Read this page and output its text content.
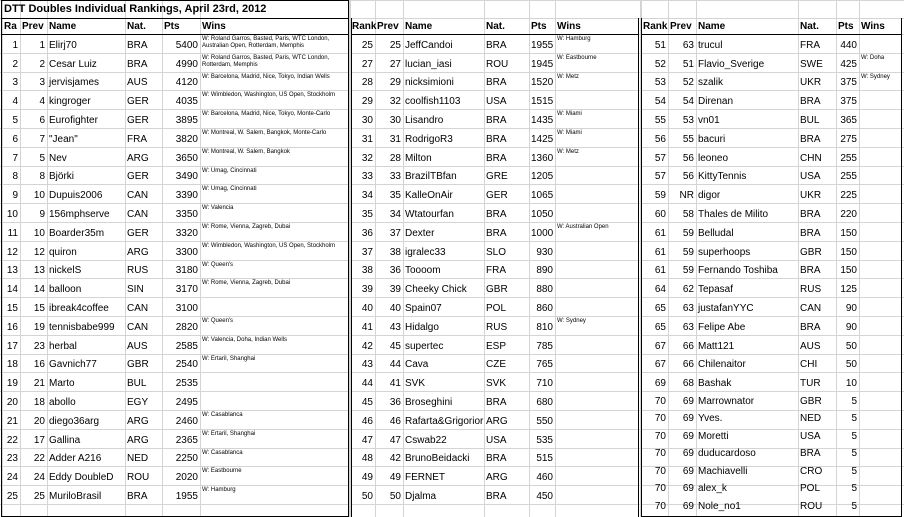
DTT Doubles Individual Rankings, April 23rd, 2012
Ra Prev Name	Nat.	Pts	Wins
1	1 Elirj70	BRA	5400
W: Roland Garros, Basted, Paris, WTC London, Australian Open, Rotterdam, Memphis
2	2 Cesar Luiz	BRA	4990
W: Roland Garros, Basted, Paris, WTC London, Rotterdam, Memphis
3	3 jervisjames	AUS	4120 W: Barcelona, Madrid, Nice, Tokyo, Indian Wells
4	4 kingroger	GER	4035
W: Wimbledon, Washington, US Open, Stockholm
5	6 Eurofighter	GER	3895
W: Barcelona, Madrid, Nice, Tokyo, Monte-Carlo
6	7 "Jean"	FRA	3820
W: Montreal, W. Salem, Bangkok, Monte-Carlo
7	5 Nev	ARG	3650
W: Montreal, W. Salem, Bangkok
8	8 Björki	GER	3490 W: Umag, Cincinnati
9	10 Dupuis2006	CAN	3390
W: Umag, Cincinnati
10	9 156mphserve	CAN	3350
W: Valencia
11	10 Boarder35m	GER	3320
W: Rome, Vienna, Zagreb, Dubai
12	12 quiron	ARG	3300
W: Wimbledon, Washington, US Open, Stockholm
13	13 nickelS	RUS	3180 W: Queen's
14	14 balloon	SIN	3170
W: Rome, Vienna, Zagreb, Dubai
15	15 ibreak4coffee	CAN	3100
16	19 tennisbabe999	CAN	2820
W: Queen's
17	23 herbal	AUS	2585
W: Valencia, Doha, Indian Wells
18	16 Gavnich77	GBR	2540 W: Ertaril, Shanghai
19	21 Marto	BUL	2535
20	18 abollo	EGY	2495
21	20 diego36arg	ARG	2460
W: Casablanca
22	17 Gallina	ARG	2365
W: Ertaril, Shanghai
23	22 Adder A216	NED	2250 W: Casablanca
24	24 Eddy DoubleD	ROU	2020
W: Eastbourne
25	25 MuriloBrasil	BRA	1955
W: Hamburg
Rank Prev Name	Nat.	Pts	Wins
25	25 JeffCandoi	BRA	1955
W: Hamburg
27	27 lucian_iasi	ROU	1945
W: Eastbourne
28	29 nicksimioni	BRA	1520 W: Metz
29	32 coolfish1103	USA	1515
30	30 Lisandro	BRA	1435
W: Miami
31	31 RodrigoR3	BRA	1425
W: Miami
32	28 Milton	BRA	1360
W: Metz
33	33 BrazilTBfan	GRE	1205
34	35 KalleOnAir	GER	1065
35	34 Wtatourfan	BRA	1050
36	37 Dexter	BRA	1000
W: Australian Open
37	38 igralec33	SLO	930
38	36 Toooom	FRA	890
39	39 Cheeky Chick	GBR	880
40	40 Spain07	POL	860
41	43 Hidalgo	RUS	810
W: Sydney
42	45 supertec	ESP	785
43	44 Cava	CZE	765
44	41 SVK	SVK	710
45	36 Broseghini	BRA	680
46	46 Rafarta&Grigorior ARG	550
47	47 Cswab22	USA	535
48	42 BrunoBeidacki	BRA	515
49	49 FERNET	ARG	460
50	50 Djalma	BRA	450
Rank Prev Name	Nat.	Pts Wins
51	63 trucul	FRA	440
52	51 Flavio_Sverige	SWE	425
W: Doha
53	52 szalik	UKR	375 W: Sydney
54	54 Direnan	BRA	375
55	53 vn01	BUL	365
56	55 bacuri	BRA	275
57	56 leoneo	CHN	255
57	56 KittyTennis	USA	255
59	NR digor	UKR	225
60	58 Thales de Milito	BRA	220
61	59 Belludal	BRA	150
61	59 superhoops	GBR	150
61	59 Fernando Toshiba	BRA	150
64	62 Tepasaf	RUS	125
65	63 justafanYYC	CAN	90
65	63 Felipe Abe	BRA	90
67	66 Matt121	AUS	50
67	66 Chilenaitor	CHI	50
69	68 Bashak	TUR	10
70	69 Marrownator	GBR	5
70	69 Yves.	NED	5
70	69 Moretti	USA	5
70	69 duducardoso	BRA	5
70	69 Machiavelli	CRO	5
70	69 alex_k	POL	5
70	69 Nole_no1	ROU	5
